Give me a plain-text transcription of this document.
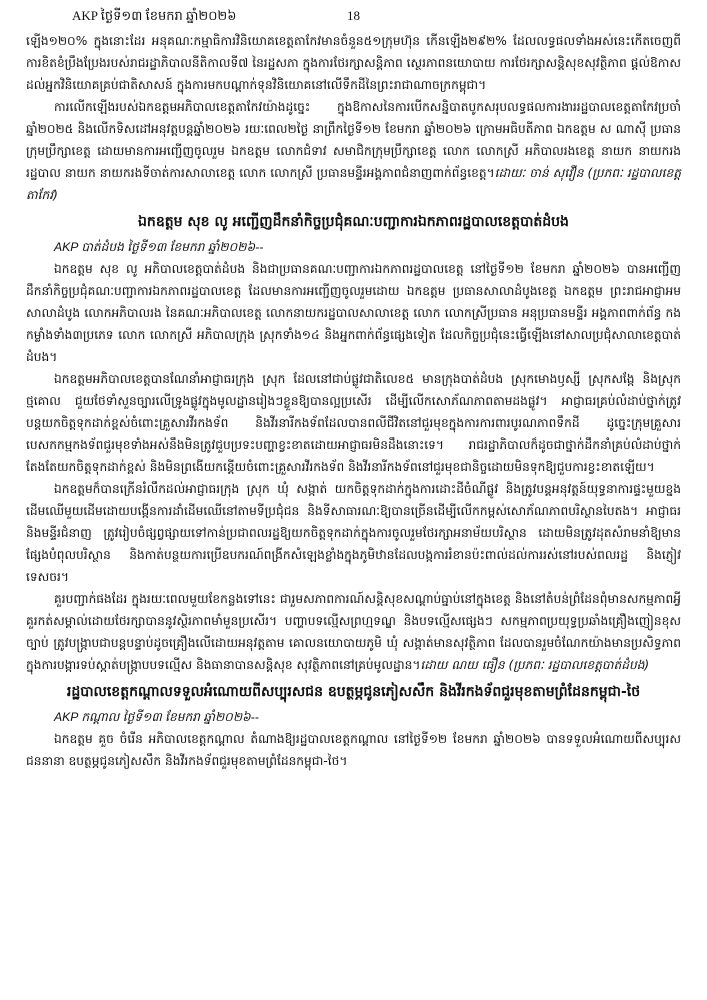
AKP ថ្ងៃទី១៣ ខែមករា ឆ្នាំ២០២៦	18

ឡើង១២០% ក្នុងនោះដែរ អនុគណៈកម្មាធិការវិនិយោគខេត្តតាកែវមានចំនួន៥១ក្រុមហ៊ុន កើនឡើង២៩២% ដែលលទ្ធផលទាំងអស់នេះកើតចេញពីការខិតខំប្រឹងប្រែងរបស់រាជរដ្ឋាភិបាលនីតិកាលទី៧ នៃរដ្ឋសភា ក្នុងការថែរក្សាសន្តិភាព ស្ថេរភាពនយោបាយ ការថែរក្សាសន្តិសុខសុវត្ថិភាព ផ្ដល់ឱកាសដល់អ្នកវិនិយោគគ្រប់ជាតិសាសន៍ ក្នុងការមកបណ្ដាក់ទុនវិនិយោគនៅលើទឹកដីនៃព្រះរាជាណាចក្រកម្ពុជា។

ការលើកឡើងរបស់ឯកឧត្តមអភិបាលខេត្តតាកែវយ៉ាងដូច្នេះ ក្នុងឱកាសនៃការបើកសន្និបាតបូកសរុបលទ្ធផលការងាររដ្ឋបាលខេត្តតាកែវប្រចាំឆ្នាំ២០២៥ និងលើកទិសដៅអនុវត្តបន្តឆ្នាំ២០២៦ រយៈពេល២ថ្ងៃ នាព្រឹកថ្ងៃទី១២ ខែមករា ឆ្នាំ២០២៦ ក្រោមអធិបតីភាព ឯកឧត្តម ស ណាស៊ី ប្រធានក្រុមប្រឹក្សាខេត្ត ដោយមានការអញ្ជើញចូលរួម ឯកឧត្តម លោកជំទាវ សមាជិកក្រុមប្រឹក្សាខេត្ត លោក លោកស្រី អភិបាលរងខេត្ត នាយក នាយករងរដ្ឋបាល នាយក នាយករងទីចាត់ការសាលាខេត្ត លោក លោកស្រី ប្រធានមន្ទីរអង្គភាពជំនាញពាក់ព័ន្ធខេត្ត។ដោយៈ ចាន់ សុវឿន (ប្រភពៈ រដ្ឋបាលខេត្តតាកែវ)

ឯកឧត្តម សុខ លូ អញ្ជើញដឹកនាំកិច្ចប្រជុំគណៈបញ្ជាការឯកភាពរដ្ឋបាលខេត្តបាត់ដំបង
AKP បាត់ដំបង ថ្ងៃទី១៣ ខែមករា ឆ្នាំ២០២៦--

ឯកឧត្តម សុខ លូ អភិបាលខេត្តបាត់ដំបង និងជាប្រធានគណៈបញ្ជាការឯកភាពរដ្ឋបាលខេត្ត នៅថ្ងៃទី១២ ខែមករា ឆ្នាំ២០២៦ បានអញ្ជើញដឹកនាំកិច្ចប្រជុំគណៈបញ្ជាការឯកភាពរដ្ឋបាលខេត្ត ដែលមានការអញ្ជើញចូលរួមដោយ ឯកឧត្តម ប្រធានសាលាដំបូងខេត្ត ឯកឧត្តម ព្រះរាជអាជ្ញាអមសាលាដំបូង លោកអភិបាលរង នៃគណៈអភិបាលខេត្ត លោកនាយករដ្ឋបាលសាលាខេត្ត លោក លោកស្រីប្រធាន អនុប្រធានមន្ទីរ អង្គភាពពាក់ព័ន្ធ កងកម្លាំងទាំង៣ប្រភេទ លោក លោកស្រី អភិបាលក្រុង ស្រុកទាំង១៤ និងអ្នកពាក់ព័ន្ធផ្សេងទៀត ដែលកិច្ចប្រជុំនេះធ្វើឡើងនៅសាលប្រជុំសាលាខេត្តបាត់ដំបង។

ឯកឧត្តមអភិបាលខេត្តបានណែនាំអាជ្ញាធរក្រុង ស្រុក ដែលនៅជាប់ផ្លូវជាតិលេខ៥ មានក្រុងបាត់ដំបង ស្រុកមោងឫស្សី ស្រុកសង្កែ និងស្រុកថ្មគោល ជួយថែទាំសួនច្បារលើទ្រូងផ្លូវក្នុងមូលដ្ឋានរៀងៗខ្លួនឱ្យបានល្អប្រសើរ ដើម្បីលើកសោភ័ណភាពតាមដងផ្លូវ។ អាជ្ញាធរគ្រប់លំដាប់ថ្នាក់ត្រូវបន្តយកចិត្តទុកដាក់ខ្ពស់ចំពោះគ្រួសារវីរកងទ័ព និងវីរនារីកងទ័ពដែលបានពលីជីវិតនៅជួរមុខក្នុងការការពារបូរណភាពទឹកដី ដូច្នេះក្រុមគ្រួសារបេសកកម្មកងទ័ពជួរមុខទាំងអស់នឹងមិនត្រូវជួបប្រទះបញ្ហាខ្វះខាតដោយអាជ្ញាធរមិនដឹងនោះទេ។ រាជរដ្ឋាភិបាលក៏ដូចជាថ្នាក់ដឹកនាំគ្រប់លំដាប់ថ្នាក់ តែងតែយកចិត្តទុកដាក់ខ្ពស់ និងមិនព្រងើយកន្តើយចំពោះគ្រួសារវីរកងទ័ព និងវីរនារីកងទ័ពនៅជួរមុខជានិច្ចដោយមិនទុកឱ្យជួបការខ្វះខាតឡើយ។

ឯកឧត្តមក៏បានក្រើនរំលឹកដល់អាជ្ញាធរក្រុង ស្រុក ឃុំ សង្កាត់ យកចិត្តទុកដាក់ក្នុងការដោះដីចំណីផ្លូវ និងត្រូវបន្តអនុវត្តន៍យុទ្ធនាការផ្ទះមួយខ្នងដើមឈើមួយដើមដោយបង្កើនការដាំដើមឈើនៅតាមទីប្រជុំជន និងទីសាធារណៈឱ្យបានច្រើនដើម្បីលើកកម្ពស់សោភ័ណភាពបរិស្ថានបៃតង។ អាជ្ញាធរ និងមន្ទីរជំនាញ ត្រូវរៀបចំផ្សព្វផ្សាយទៅកាន់ប្រជាពលរដ្ឋឱ្យយកចិត្តទុកដាក់ក្នុងការចូលរួមថែរក្សាអនាម័យបរិស្ថាន ដោយមិនត្រូវដុតសំរាមនាំឱ្យមានផ្សែងបំពុលបរិស្ថាន និងកាត់បន្ថយការប្រើឧបករណ៍ពង្រីកសំឡេងខ្លាំងក្នុងភូមិឋានដែលបង្កការរំខានប៉ះពាល់ដល់ការរស់នៅរបស់ពលរដ្ឋ និងភ្ញៀវទេសចរ។

គួរបញ្ជាក់ផងដែរ ក្នុងរយៈពេលមួយខែកន្លងទៅនេះ ជារួមសភាពការណ៍សន្តិសុខសណ្ដាប់ធ្នាប់នៅក្នុងខេត្ត និងនៅតំបន់ព្រំដែនពុំមានសកម្មភាពអ្វីគួរកត់សម្គាល់ដោយថែរក្សាបាននូវស្ថិរភាពមាំមួនប្រសើរ។ បញ្ហាបទល្មើសព្រហ្មទណ្ឌ និងបទល្មើសផ្សេងៗ សកម្មភាពប្រយុទ្ធប្រឆាំងគ្រឿងញៀនខុសច្បាប់ ត្រូវបង្ក្រាបជាបន្តបន្ទាប់ដូចគ្រឿងលើដោយអនុវត្តតាម គោលនយោបាយភូមិ ឃុំ សង្កាត់មានសុវត្ថិភាព ដែលបានរួមចំណែកយ៉ាងមានប្រសិទ្ធភាពក្នុងការបង្ការទប់ស្កាត់បង្ក្រាបបទល្មើស និងធានាបានសន្តិសុខ សុវត្ថិភាពនៅគ្រប់មូលដ្ឋាន។ដោយ ណយ ធឿន (ប្រភពៈ រដ្ឋបាលខេត្តបាត់ដំបង)

រដ្ឋបាលខេត្តកណ្ដាលទទួលអំណោយពីសប្បុរសជន ឧបត្ថម្ភជូនភៀសសឹក និងវីរកងទ័ពជួរមុខតាមព្រំដែនកម្ពុជា-ថៃ
AKP កណ្ដាល ថ្ងៃទី១៣ ខែមករា ឆ្នាំ២០២៦--

ឯកឧត្តម គួច ចំរើន អភិបាលខេត្តកណ្ដាល តំណាងឱ្យរដ្ឋបាលខេត្តកណ្ដាល នៅថ្ងៃទី១២ ខែមករា ឆ្នាំ២០២៦ បានទទួលអំណោយពីសប្បុរសជននានា ឧបត្ថម្ភជូនភៀសសឹក និងវីរកងទ័ពជួរមុខតាមព្រំដែនកម្ពុជា-ថៃ។
